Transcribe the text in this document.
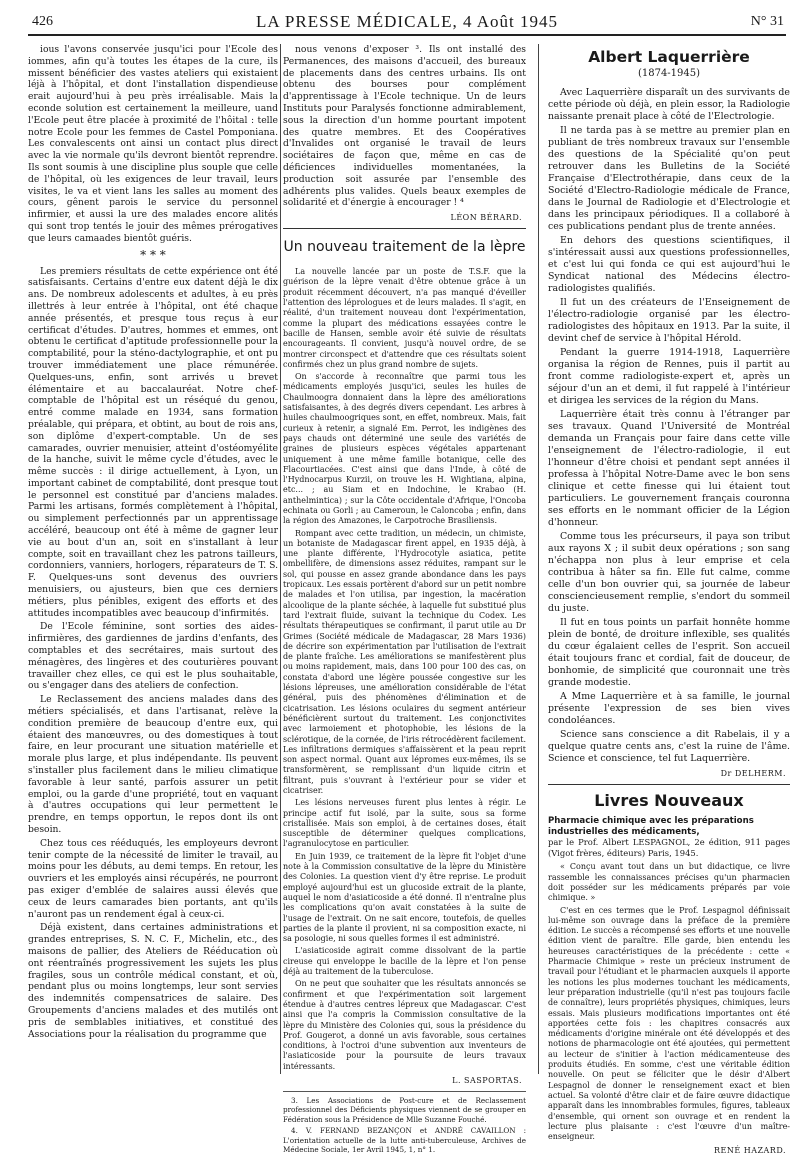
426	LA PRESSE MÉDICALE, 4 Août 1945	N° 31

ious l'avons conservée jusqu'ici pour l'Ecole des iommes, afin qu'à toutes les étapes de la cure, ils missent bénéficier des vastes ateliers qui existaient léjà à l'hôpital, et dont l'installation dispendieuse erait aujourd'hui à peu près irréalisable. Mais la econde solution est certainement la meilleure, uand l'Ecole peut être placée à proximité de l'hôital : telle notre Ecole pour les femmes de Castel Pomponiana. Les convalescents ont ainsi un contact plus direct avec la vie normale qu'ils devront bientôt reprendre. Ils sont soumis à une discipline plus souple que celle de l'hôpital, où les exigences de leur travail, leurs visites, le va et vient lans les salles au moment des cours, gênent parois le service du personnel infirmier, et aussi la ure des malades encore alités qui sont trop tentés le jouir des mêmes prérogatives que leurs camaades bientôt guéris.

* * *

Les premiers résultats de cette expérience ont été satisfaisants. Certains d'entre eux datent déjà le dix ans. De nombreux adolescents et adultes, à eu près illettrés à leur entrée à l'hôpital, ont été chaque année présentés, et presque tous reçus à eur certificat d'études. D'autres, hommes et emmes, ont obtenu le certificat d'aptitude professionnelle pour la comptabilité, pour la sténo-dactylographie, et ont pu trouver immédiatement une place rémunérée. Quelques-uns, enfin, sont arrivés u brevet élémentaire et au baccalauréat. Notre chef-comptable de l'hôpital est un réséqué du genou, entré comme malade en 1934, sans formation préalable, qui prépara, et obtint, au bout de rois ans, son diplôme d'expert-comptable. Un de ses camarades, ouvrier menuisier, atteint d'ostéomyélite de la hanche, suivit le même cycle d'études, avec le même succès : il dirige actuellement, à Lyon, un important cabinet de comptabilité, dont presque tout le personnel est constitué par d'anciens malades. Parmi les artisans, formés complètement à l'hôpital, ou simplement perfectionnés par un apprentissage accéléré, beaucoup ont été à même de gagner leur vie au bout d'un an, soit en s'installant à leur compte, soit en travaillant chez les patrons tailleurs, cordonniers, vanniers, horlogers, réparateurs de T. S. F. Quelques-uns sont devenus des ouvriers menuisiers, ou ajusteurs, bien que ces derniers métiers, plus pénibles, exigent des efforts et des attitudes incompatibles avec beaucoup d'infirmités.

De l'Ecole féminine, sont sorties des aides-infirmières, des gardiennes de jardins d'enfants, des comptables et des secrétaires, mais surtout des ménagères, des lingères et des couturières pouvant travailler chez elles, ce qui est le plus souhaitable, ou s'engager dans des ateliers de confection.

Le Reclassement des anciens malades dans des métiers spécialisés, et dans l'artisanat, relève la condition première de beaucoup d'entre eux, qui étaient des manœuvres, ou des domestiques à tout faire, en leur procurant une situation matérielle et morale plus large, et plus indépendante. Ils peuvent s'installer plus facilement dans le milieu climatique favorable à leur santé, parfois assurer un petit emploi, ou la garde d'une propriété, tout en vaquant à d'autres occupations qui leur permettent le prendre, en temps opportun, le repos dont ils ont besoin.

Chez tous ces rééduqués, les employeurs devront tenir compte de la nécessité de limiter le travail, au moins pour les débuts, au demi temps. En retour, les ouvriers et les employés ainsi récupérés, ne pourront pas exiger d'emblée de salaires aussi élevés que ceux de leurs camarades bien portants, ant qu'ils n'auront pas un rendement égal à ceux-ci.

Déjà existent, dans certaines administrations et grandes entreprises, S. N. C. F., Michelin, etc., des maisons de pallier, des Ateliers de Rééducation où ont réentraînés progressivement les sujets les plus fragiles, sous un contrôle médical constant, et où, pendant plus ou moins longtemps, leur sont servies des indemnités compensatrices de salaire. Des Groupements d'anciens malades et des mutilés ont pris de semblables initiatives, et constitué des Associations pour la réalisation du programme que

nous venons d'exposer ³. Ils ont installé des Permanences, des maisons d'accueil, des bureaux de placements dans des centres urbains. Ils ont obtenu des bourses pour complément d'apprentissage à l'Ecole technique. Un de leurs Instituts pour Paralysés fonctionne admirablement, sous la direction d'un homme pourtant impotent des quatre membres. Et des Coopératives d'Invalides ont organisé le travail de leurs sociétaires de façon que, même en cas de déficiences individuelles momentanées, la production soit assurée par l'ensemble des adhérents plus valides. Quels beaux exemples de solidarité et d'énergie à encourager ! ⁴

LÉON BÉRARD.
Un nouveau traitement de la lèpre

La nouvelle lancée par un poste de T.S.F. que la guérison de la lèpre venait d'être obtenue grâce à un produit récemment découvert, n'a pas manqué d'éveiller l'attention des léprologues et de leurs malades. Il s'agit, en réalité, d'un traitement nouveau dont l'expérimentation, comme la plupart des médications essayées contre le bacille de Hansen, semble avoir été suivie de résultats encourageants. Il convient, jusqu'à nouvel ordre, de se montrer circonspect et d'attendre que ces résultats soient confirmés chez un plus grand nombre de sujets.

On s'accorde à reconnaître que parmi tous les médicaments employés jusqu'ici, seules les huiles de Chaulmoogra donnaient dans la lèpre des améliorations satisfaisantes, à des degrés divers cependant. Les arbres à huiles chaulmoogriques sont, en effet, nombreux. Mais, fait curieux à retenir, a signalé Em. Perrot, les indigènes des pays chauds ont déterminé une seule des variétés de graines de plusieurs espèces végétales appartenant uniquement à une même famille botanique, celle des Flacourtiacées. C'est ainsi que dans l'Inde, à côté de l'Hydnocarpus Kurzii, on trouve les H. Wightiana, alpina, etc... ; au Siam et en Indochine, le Krabao (H. anthelmintica) ; sur la Côte occidentale d'Afrique, l'Oncoba echinata ou Gorli ; au Cameroun, le Caloncoba ; enfin, dans la région des Amazones, le Carpotroche Brasiliensis.

Rompant avec cette tradition, un médecin, un chimiste, un botaniste de Madagascar firent appel, en 1935 déjà, à une plante différente, l'Hydrocotyle asiatica, petite ombellifère, de dimensions assez réduites, rampant sur le sol, qui pousse en assez grande abondance dans les pays tropicaux. Les essais portèrent d'abord sur un petit nombre de malades et l'on utilisa, par ingestion, la macération alcoolique de la plante séchée, à laquelle fut substitué plus tard l'extrait fluide, suivant la technique du Codex. Les résultats thérapeutiques se confirmant, il parut utile au Dr Grimes (Société médicale de Madagascar, 28 Mars 1936) de décrire son expérimentation par l'utilisation de l'extrait de plante fraîche. Les améliorations se manifestèrent plus ou moins rapidement, mais, dans 100 pour 100 des cas, on constata d'abord une légère poussée congestive sur les lésions lépreuses, une amélioration considérable de l'état général, puis des phénomènes d'élimination et de cicatrisation. Les lésions oculaires du segment antérieur bénéficièrent surtout du traitement. Les conjonctivites avec larmoiement et photophobie, les lésions de la sclérotique, de la cornée, de l'iris rétrocédèrent facilement. Les infiltrations dermiques s'affaissèrent et la peau reprit son aspect normal. Quant aux lépromes eux-mêmes, ils se transformèrent, se remplissant d'un liquide citrin et filtrant, puis s'ouvrant à l'extérieur pour se vider et cicatriser.

Les lésions nerveuses furent plus lentes à régir. Le principe actif fut isolé, par la suite, sous sa forme cristallisée. Mais son emploi, à de certaines doses, était susceptible de déterminer quelques complications, l'agranulocytose en particulier.

En Juin 1939, ce traitement de la lèpre fit l'objet d'une note à la Commission consultative de la lèpre du Ministère des Colonies. La question vient d'y être reprise. Le produit employé aujourd'hui est un glucoside extrait de la plante, auquel le nom d'asiaticoside a été donné. Il n'entraîne plus les complications qu'on avait constatées à la suite de l'usage de l'extrait. On ne sait encore, toutefois, de quelles parties de la plante il provient, ni sa composition exacte, ni sa posologie, ni sous quelles formes il est administré.

L'asiaticoside agirait comme dissolvant de la partie cireuse qui enveloppe le bacille de la lèpre et l'on pense déjà au traitement de la tuberculose.

On ne peut que souhaiter que les résultats annoncés se confirment et que l'expérimentation soit largement étendue à d'autres centres lépreux que Madagascar. C'est ainsi que l'a compris la Commission consultative de la lèpre du Ministère des Colonies qui, sous la présidence du Prof. Gougerot, a donné un avis favorable, sous certaines conditions, à l'octroi d'une subvention aux inventeurs de l'asiaticoside pour la poursuite de leurs travaux intéressants.

L. SASPORTAS.

3. Les Associations de Post-cure et de Reclassement professionnel des Déficients physiques viennent de se grouper en Fédération sous la Présidence de Mlle Suzanne Fouché.

4. V. FERNAND BEZANÇON et ANDRÉ CAVAILLON : L'orientation actuelle de la lutte anti-tuberculeuse, Archives de Médecine Sociale, 1er Avril 1945, 1, n° 1.

Albert Laquerrière
(1874-1945)

Avec Laquerrière disparaît un des survivants de cette période où déjà, en plein essor, la Radiologie naissante prenait place à côté de l'Electrologie.

Il ne tarda pas à se mettre au premier plan en publiant de très nombreux travaux sur l'ensemble des questions de la Spécialité qu'on peut retrouver dans les Bulletins de la Société Française d'Electrothérapie, dans ceux de la Société d'Electro-Radiologie médicale de France, dans le Journal de Radiologie et d'Electrologie et dans les principaux périodiques. Il a collaboré à ces publications pendant plus de trente années.

En dehors des questions scientifiques, il s'intéressait aussi aux questions professionnelles, et c'est lui qui fonda ce qui est aujourd'hui le Syndicat national des Médecins électro-radiologistes qualifiés.

Il fut un des créateurs de l'Enseignement de l'électro-radiologie organisé par les électro-radiologistes des hôpitaux en 1913. Par la suite, il devint chef de service à l'hôpital Hérold.

Pendant la guerre 1914-1918, Laquerrière organisa la région de Rennes, puis il partit au front comme radiologiste-expert et, après un séjour d'un an et demi, il fut rappelé à l'intérieur et dirigea les services de la région du Mans.

Laquerrière était très connu à l'étranger par ses travaux. Quand l'Université de Montréal demanda un Français pour faire dans cette ville l'enseignement de l'électro-radiologie, il eut l'honneur d'être choisi et pendant sept années il professa à l'hôpital Notre-Dame avec le bon sens clinique et cette finesse qui lui étaient tout particuliers. Le gouvernement français couronna ses efforts en le nommant officier de la Légion d'honneur.

Comme tous les précurseurs, il paya son tribut aux rayons X ; il subit deux opérations ; son sang n'échappa non plus à leur emprise et cela contribua à hâter sa fin. Elle fut calme, comme celle d'un bon ouvrier qui, sa journée de labeur consciencieusement remplie, s'endort du sommeil du juste.

Il fut en tous points un parfait honnête homme plein de bonté, de droiture inflexible, ses qualités du cœur égalaient celles de l'esprit. Son accueil était toujours franc et cordial, fait de douceur, de bonhomie, de simplicité que couronnait une très grande modestie.

A Mme Laquerrière et à sa famille, le journal présente l'expression de ses bien vives condoléances.

Science sans conscience a dit Rabelais, il y a quelque quatre cents ans, c'est la ruine de l'âme. Science et conscience, tel fut Laquerrière.

Dr DELHERM.
Livres Nouveaux
Pharmacie chimique avec les préparations industrielles des médicaments,
par le Prof. Albert LESPAGNOL, 2e édition, 911 pages (Vigot frères, éditeurs) Paris, 1945.

« Conçu avant tout dans un but didactique, ce livre rassemble les connaissances précises qu'un pharmacien doit posséder sur les médicaments préparés par voie chimique. »

C'est en ces termes que le Prof. Lespagnol définissait lui-même son ouvrage dans la préface de la première édition. Le succès a récompensé ses efforts et une nouvelle édition vient de paraître. Elle garde, bien entendu les heureuses caractéristiques de la précédente : cette « Pharmacie Chimique » reste un précieux instrument de travail pour l'étudiant et le pharmacien auxquels il apporte les notions les plus modernes touchant les médicaments, leur préparation industrielle (qu'il n'est pas toujours facile de connaître), leurs propriétés physiques, chimiques, leurs essais. Mais plusieurs modifications importantes ont été apportées cette fois : les chapitres consacrés aux médicaments d'origine minérale ont été développés et des notions de pharmacologie ont été ajoutées, qui permettent au lecteur de s'initier à l'action médicamenteuse des produits étudiés. En somme, c'est une véritable édition nouvelle. On peut se féliciter que le désir d'Albert Lespagnol de donner le renseignement exact et bien actuel. Sa volonté d'être clair et de faire œuvre didactique apparaît dans les innombrables formules, figures, tableaux d'ensemble, qui ornent son ouvrage et en rendent la lecture plus plaisante : c'est l'œuvre d'un maître-enseigneur.

RENÉ HAZARD.
